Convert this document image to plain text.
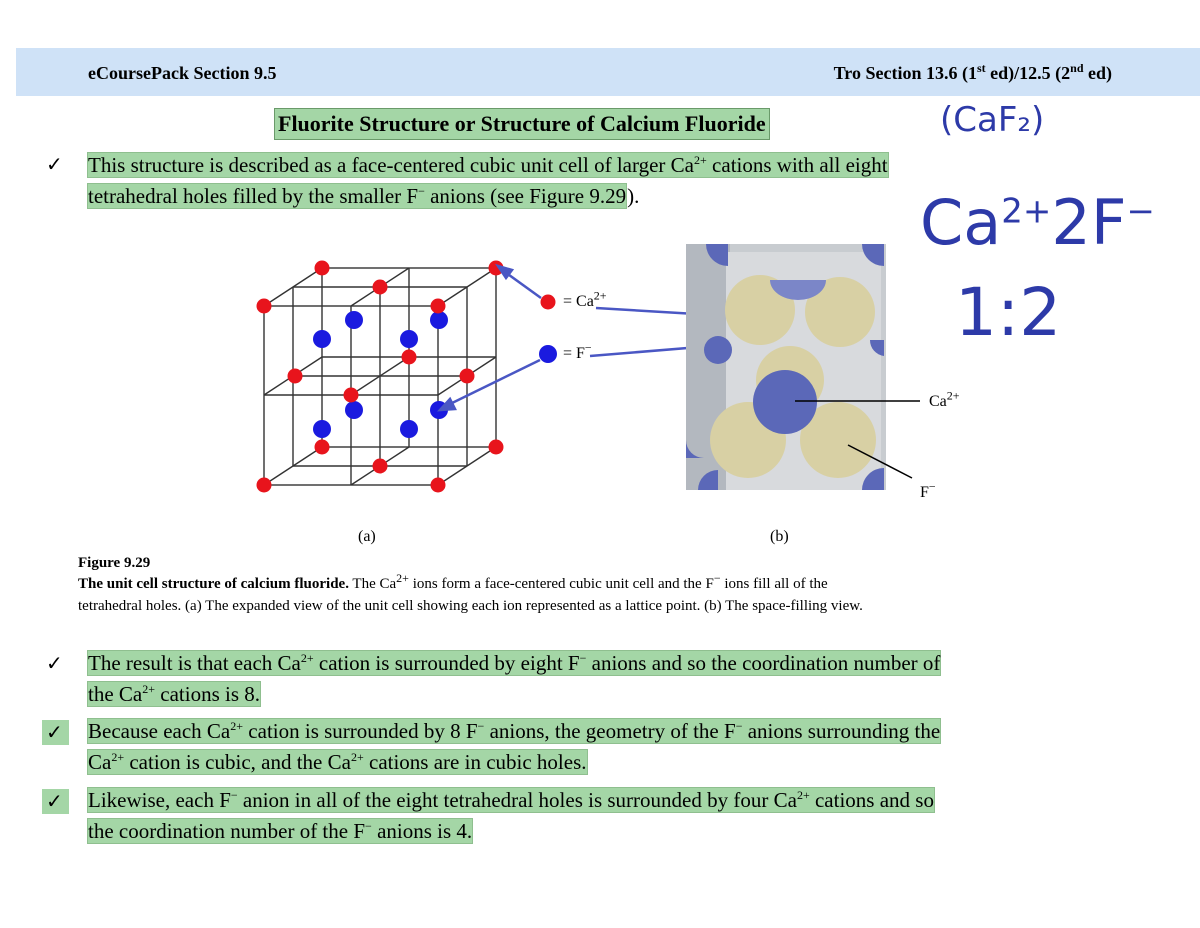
eCoursePack Section 9.5	Tro Section 13.6 (1st ed)/12.5 (2nd ed)
Fluorite Structure or Structure of Calcium Fluoride	(CaF₂)
$Ca^{2+}2F^-$
1:2
✓ This structure is described as a face-centered cubic unit cell of larger $Ca^{2+}$ cations with all eight
tetrahedral holes filled by the smaller F− anions (see Figure 9.29).
= $Ca^{2+}$
= F−
$Ca^{2+}$
F−
(a)	(b)
Figure 9.29
The unit cell structure of calcium fluoride. The $Ca^{2+}$ ions form a face-centered cubic unit cell and the F− ions fill all of the
tetrahedral holes. (a) The expanded view of the unit cell showing each ion represented as a lattice point. (b) The space-filling view.
✓ The result is that each $Ca^{2+}$ cation is surrounded by eight F− anions and so the coordination number of
the $Ca^{2+}$ cations is 8.
✓ Because each $Ca^{2+}$ cation is surrounded by 8 F− anions, the geometry of the F− anions surrounding the
$Ca^{2+}$ cation is cubic, and the $Ca^{2+}$ cations are in cubic holes.
✓ Likewise, each F− anion in all of the eight tetrahedral holes is surrounded by four $Ca^{2+}$ cations and so
the coordination number of the F− anions is 4.
